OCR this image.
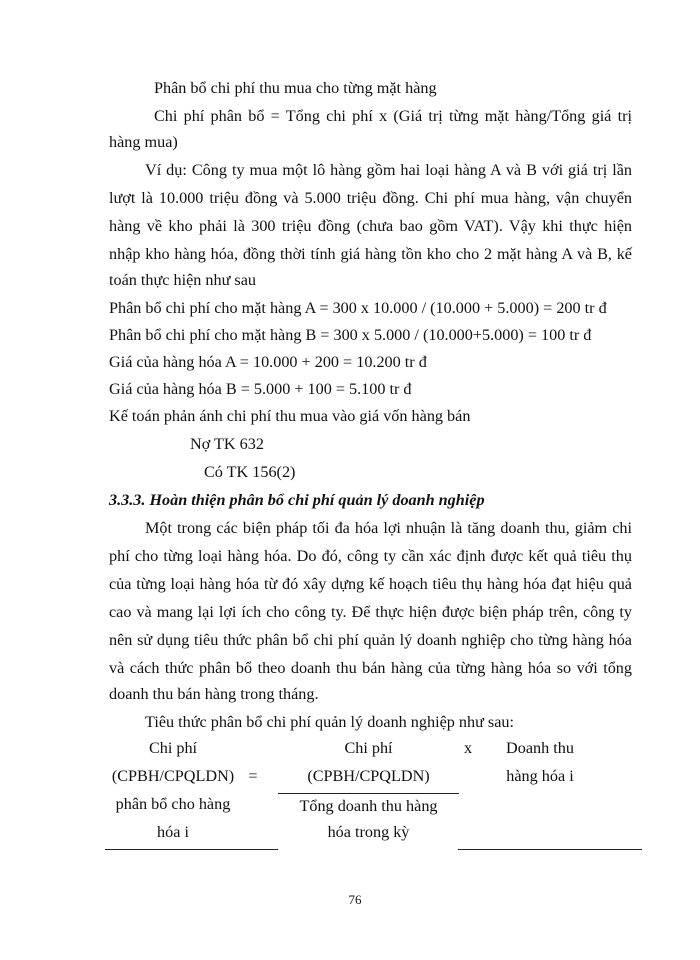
Phân bổ chi phí thu mua cho từng mặt hàng
Chi phí phân bổ = Tổng chi phí x (Giá trị từng mặt hàng/Tổng giá trị
hàng mua)
Ví dụ: Công ty mua một lô hàng gồm hai loại hàng A và B với giá trị lần
lượt là 10.000 triệu đồng và 5.000 triệu đồng. Chi phí mua hàng, vận chuyển
hàng về kho phải là 300 triệu đồng (chưa bao gồm VAT). Vậy khi thực hiện
nhập kho hàng hóa, đồng thời tính giá hàng tồn kho cho 2 mặt hàng A và B, kế
toán thực hiện như sau
Phân bổ chi phí cho mặt hàng A = 300 x 10.000 / (10.000 + 5.000) = 200 tr đ
Phân bổ chi phí cho mặt hàng B = 300 x 5.000 / (10.000+5.000) = 100 tr đ
Giá của hàng hóa A = 10.000 + 200 = 10.200 tr đ
Giá của hàng hóa B = 5.000 + 100 = 5.100 tr đ
Kế toán phản ánh chi phí thu mua vào giá vốn hàng bán
Nợ TK 632
Có TK 156(2)
3.3.3. Hoàn thiện phân bổ chi phí quản lý doanh nghiệp
Một trong các biện pháp tối đa hóa lợi nhuận là tăng doanh thu, giảm chi
phí cho từng loại hàng hóa. Do đó, công ty cần xác định được kết quả tiêu thụ
của từng loại hàng hóa từ đó xây dựng kế hoạch tiêu thụ hàng hóa đạt hiệu quả
cao và mang lại lợi ích cho công ty. Để thực hiện được biện pháp trên, công ty
nên sử dụng tiêu thức phân bổ chi phí quản lý doanh nghiệp cho từng hàng hóa
và cách thức phân bổ theo doanh thu bán hàng của từng hàng hóa so với tổng
doanh thu bán hàng trong tháng.
Tiêu thức phân bổ chi phí quản lý doanh nghiệp như sau:
Chi phí
(CPBH/CPQLDN)
phân bổ cho hàng
hóa i
=
Chi phí
(CPBH/CPQLDN)
Tổng doanh thu hàng
hóa trong kỳ
x	Doanh thu
hàng hóa i
76
